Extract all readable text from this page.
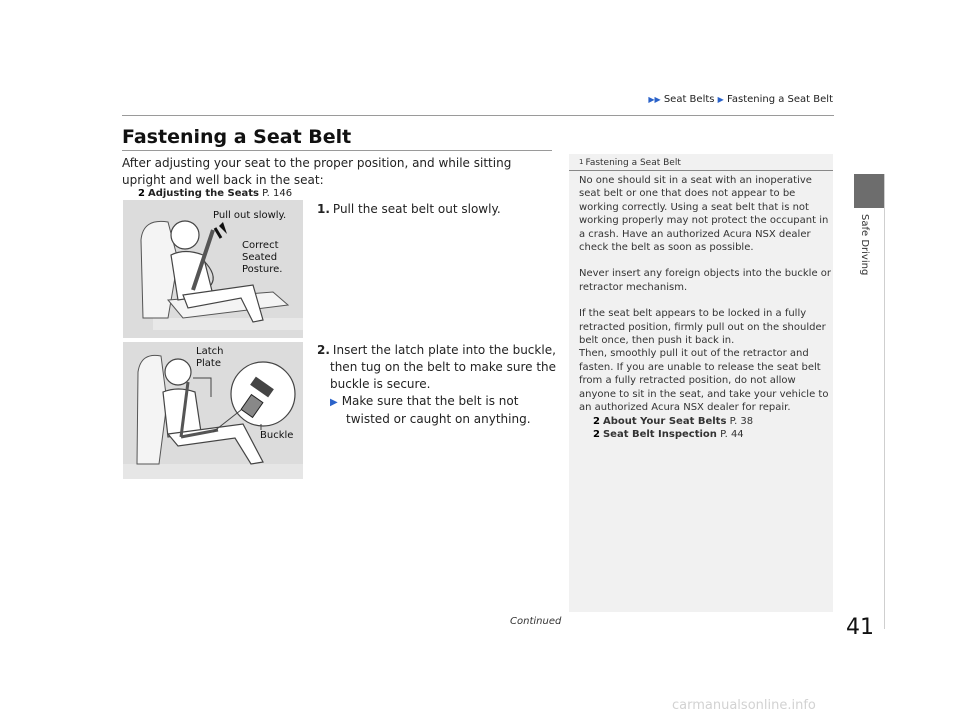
▶▶ Seat Belts ▶ Fastening a Seat Belt
Safe Driving
Fastening a Seat Belt

After adjusting your seat to the proper position, and while sitting upright and well back in the seat:

2 Adjusting the Seats P. 146
Pull out slowly.
Correct
Seated
Posture.
Latch
Plate
Buckle
1. Pull the seat belt out slowly.
2. Insert the latch plate into the buckle, then tug on the belt to make sure the buckle is secure.
▶ Make sure that the belt is not twisted or caught on anything.
$^1$ Fastening a Seat Belt

No one should sit in a seat with an inoperative seat belt or one that does not appear to be working correctly. Using a seat belt that is not working properly may not protect the occupant in a crash. Have an authorized Acura NSX dealer check the belt as soon as possible.

Never insert any foreign objects into the buckle or retractor mechanism.

If the seat belt appears to be locked in a fully retracted position, firmly pull out on the shoulder belt once, then push it back in.

Then, smoothly pull it out of the retractor and fasten. If you are unable to release the seat belt from a fully retracted position, do not allow anyone to sit in the seat, and take your vehicle to an authorized Acura NSX dealer for repair.

2 About Your Seat Belts P. 38
2 Seat Belt Inspection P. 44
Continued	41
carmanualsonline.info
